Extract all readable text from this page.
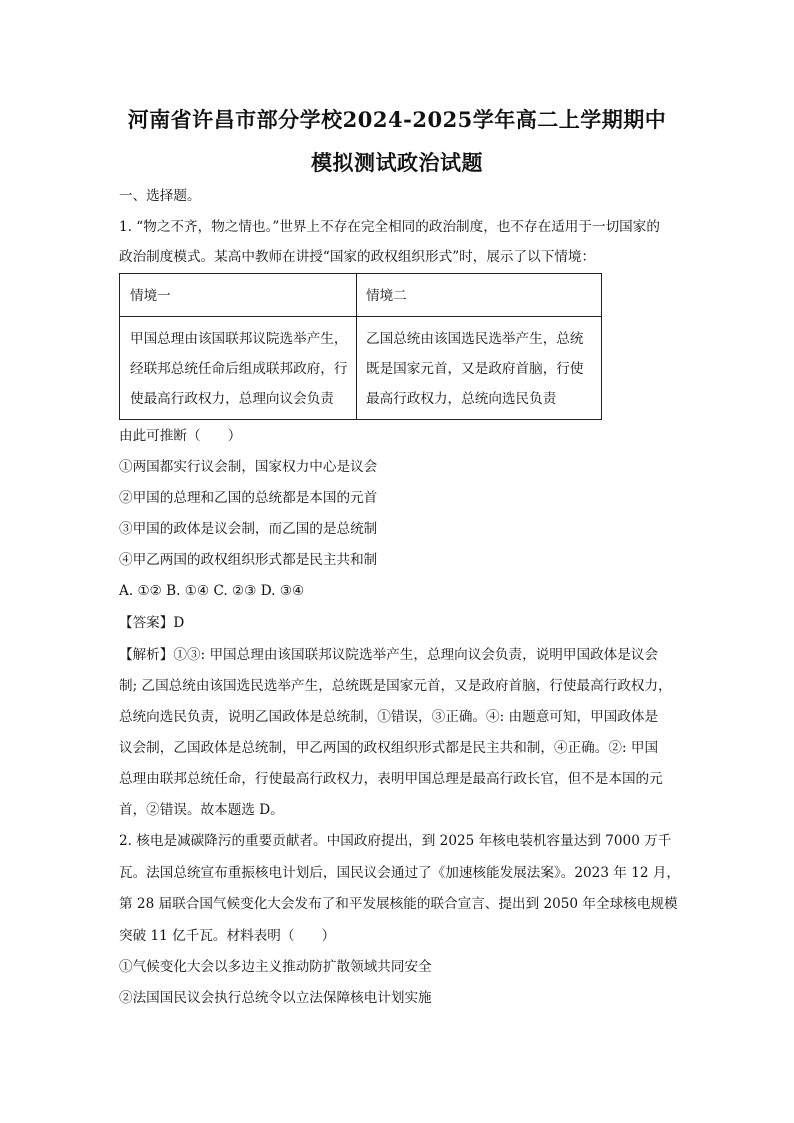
河南省许昌市部分学校2024-2025学年高二上学期期中
模拟测试政治试题
一、选择题。
1. “物之不齐，物之情也。”世界上不存在完全相同的政治制度，也不存在适用于一切国家的
政治制度模式。某高中教师在讲授“国家的政权组织形式”时，展示了以下情境：
情境一	情境二
甲国总理由该国联邦议院选举产生，
经联邦总统任命后组成联邦政府，行
使最高行政权力，总理向议会负责
乙国总统由该国选民选举产生，总统
既是国家元首，又是政府首脑，行使
最高行政权力，总统向选民负责
由此可推断（　　）
①两国都实行议会制，国家权力中心是议会
②甲国的总理和乙国的总统都是本国的元首
③甲国的政体是议会制，而乙国的是总统制
④甲乙两国的政权组织形式都是民主共和制
A. ①② B. ①④ C. ②③ D. ③④
【答案】D
【解析】①③: 甲国总理由该国联邦议院选举产生，总理向议会负责，说明甲国政体是议会
制; 乙国总统由该国选民选举产生，总统既是国家元首，又是政府首脑，行使最高行政权力，
总统向选民负责，说明乙国政体是总统制，①错误，③正确。④: 由题意可知，甲国政体是
议会制，乙国政体是总统制，甲乙两国的政权组织形式都是民主共和制，④正确。②: 甲国
总理由联邦总统任命，行使最高行政权力，表明甲国总理是最高行政长官，但不是本国的元
首，②错误。故本题选 D。
2. 核电是减碳降污的重要贡献者。中国政府提出，到 2025 年核电装机容量达到 7000 万千
瓦。法国总统宣布重振核电计划后，国民议会通过了《加速核能发展法案》。2023 年 12 月，
第 28 届联合国气候变化大会发布了和平发展核能的联合宣言、提出到 2050 年全球核电规模
突破 11 亿千瓦。材料表明（　　）
①气候变化大会以多边主义推动防扩散领域共同安全
②法国国民议会执行总统令以立法保障核电计划实施
